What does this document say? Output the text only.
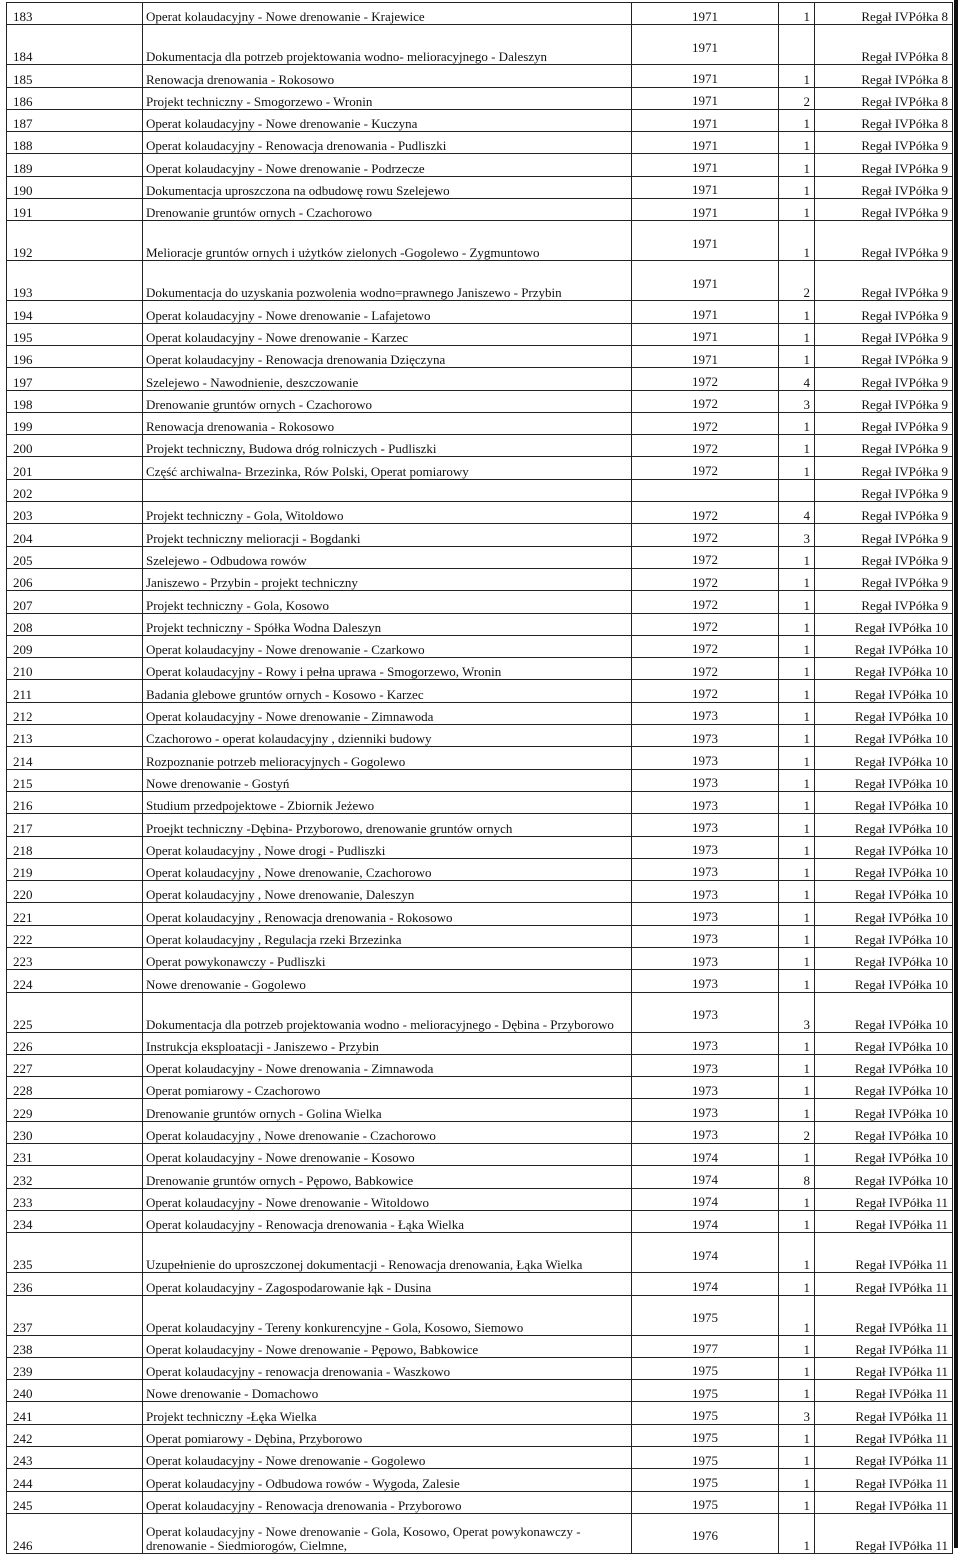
183	Operat kolaudacyjny - Nowe drenowanie - Krajewice	1971	1	Regał IVPółka 8
184	Dokumentacja dla potrzeb projektowania wodno- melioracyjnego - Daleszyn	1971		Regał IVPółka 8
185	Renowacja drenowania - Rokosowo	1971	1	Regał IVPółka 8
186	Projekt techniczny - Smogorzewo - Wronin	1971	2	Regał IVPółka 8
187	Operat kolaudacyjny - Nowe drenowanie - Kuczyna	1971	1	Regał IVPółka 8
188	Operat kolaudacyjny - Renowacja drenowania - Pudliszki	1971	1	Regał IVPółka 9
189	Operat kolaudacyjny - Nowe drenowanie - Podrzecze	1971	1	Regał IVPółka 9
190	Dokumentacja uproszczona na odbudowę rowu Szelejewo	1971	1	Regał IVPółka 9
191	Drenowanie gruntów ornych - Czachorowo	1971	1	Regał IVPółka 9
192	Melioracje gruntów ornych i użytków zielonych -Gogolewo - Zygmuntowo	1971	1	Regał IVPółka 9
193	Dokumentacja do uzyskania pozwolenia wodno=prawnego Janiszewo - Przybin	1971	2	Regał IVPółka 9
194	Operat kolaudacyjny - Nowe drenowanie - Lafajetowo	1971	1	Regał IVPółka 9
195	Operat kolaudacyjny - Nowe drenowanie - Karzec	1971	1	Regał IVPółka 9
196	Operat kolaudacyjny - Renowacja drenowania Dzięczyna	1971	1	Regał IVPółka 9
197	Szelejewo - Nawodnienie, deszczowanie	1972	4	Regał IVPółka 9
198	Drenowanie gruntów ornych - Czachorowo	1972	3	Regał IVPółka 9
199	Renowacja drenowania - Rokosowo	1972	1	Regał IVPółka 9
200	Projekt techniczny, Budowa dróg rolniczych - Pudliszki	1972	1	Regał IVPółka 9
201	Część archiwalna- Brzezinka, Rów Polski, Operat pomiarowy	1972	1	Regał IVPółka 9
202				Regał IVPółka 9
203	Projekt techniczny - Gola, Witoldowo	1972	4	Regał IVPółka 9
204	Projekt techniczny melioracji - Bogdanki	1972	3	Regał IVPółka 9
205	Szelejewo - Odbudowa rowów	1972	1	Regał IVPółka 9
206	Janiszewo - Przybin - projekt techniczny	1972	1	Regał IVPółka 9
207	Projekt techniczny - Gola, Kosowo	1972	1	Regał IVPółka 9
208	Projekt techniczny - Spółka Wodna Daleszyn	1972	1	Regał IVPółka 10
209	Operat kolaudacyjny - Nowe drenowanie - Czarkowo	1972	1	Regał IVPółka 10
210	Operat kolaudacyjny - Rowy i pełna uprawa - Smogorzewo, Wronin	1972	1	Regał IVPółka 10
211	Badania glebowe gruntów ornych - Kosowo - Karzec	1972	1	Regał IVPółka 10
212	Operat kolaudacyjny - Nowe drenowanie - Zimnawoda	1973	1	Regał IVPółka 10
213	Czachorowo - operat kolaudacyjny , dzienniki budowy	1973	1	Regał IVPółka 10
214	Rozpoznanie potrzeb melioracyjnych - Gogolewo	1973	1	Regał IVPółka 10
215	Nowe drenowanie - Gostyń	1973	1	Regał IVPółka 10
216	Studium przedpojektowe - Zbiornik Jeżewo	1973	1	Regał IVPółka 10
217	Proejkt techniczny -Dębina- Przyborowo, drenowanie gruntów ornych	1973	1	Regał IVPółka 10
218	Operat kolaudacyjny , Nowe drogi - Pudliszki	1973	1	Regał IVPółka 10
219	Operat kolaudacyjny , Nowe drenowanie, Czachorowo	1973	1	Regał IVPółka 10
220	Operat kolaudacyjny , Nowe drenowanie, Daleszyn	1973	1	Regał IVPółka 10
221	Operat kolaudacyjny , Renowacja drenowania - Rokosowo	1973	1	Regał IVPółka 10
222	Operat kolaudacyjny , Regulacja rzeki Brzezinka	1973	1	Regał IVPółka 10
223	Operat powykonawczy - Pudliszki	1973	1	Regał IVPółka 10
224	Nowe drenowanie - Gogolewo	1973	1	Regał IVPółka 10
225	Dokumentacja dla potrzeb projektowania wodno - melioracyjnego - Dębina - Przyborowo	1973	3	Regał IVPółka 10
226	Instrukcja eksploatacji - Janiszewo - Przybin	1973	1	Regał IVPółka 10
227	Operat kolaudacyjny - Nowe drenowania - Zimnawoda	1973	1	Regał IVPółka 10
228	Operat pomiarowy - Czachorowo	1973	1	Regał IVPółka 10
229	Drenowanie gruntów ornych - Golina Wielka	1973	1	Regał IVPółka 10
230	Operat kolaudacyjny , Nowe drenowanie - Czachorowo	1973	2	Regał IVPółka 10
231	Operat kolaudacyjny - Nowe drenowanie - Kosowo	1974	1	Regał IVPółka 10
232	Drenowanie gruntów ornych - Pępowo, Babkowice	1974	8	Regał IVPółka 10
233	Operat kolaudacyjny - Nowe drenowanie - Witoldowo	1974	1	Regał IVPółka 11
234	Operat kolaudacyjny - Renowacja drenowania - Łąka Wielka	1974	1	Regał IVPółka 11
235	Uzupełnienie do uproszczonej dokumentacji - Renowacja drenowania, Łąka Wielka	1974	1	Regał IVPółka 11
236	Operat kolaudacyjny - Zagospodarowanie łąk - Dusina	1974	1	Regał IVPółka 11
237	Operat kolaudacyjny - Tereny konkurencyjne - Gola, Kosowo, Siemowo	1975	1	Regał IVPółka 11
238	Operat kolaudacyjny - Nowe drenowanie - Pępowo, Babkowice	1977	1	Regał IVPółka 11
239	Operat kolaudacyjny - renowacja drenowania - Waszkowo	1975	1	Regał IVPółka 11
240	Nowe drenowanie - Domachowo	1975	1	Regał IVPółka 11
241	Projekt techniczny -Łęka Wielka	1975	3	Regał IVPółka 11
242	Operat pomiarowy - Dębina, Przyborowo	1975	1	Regał IVPółka 11
243	Operat kolaudacyjny - Nowe drenowanie - Gogolewo	1975	1	Regał IVPółka 11
244	Operat kolaudacyjny - Odbudowa rowów - Wygoda, Zalesie	1975	1	Regał IVPółka 11
245	Operat kolaudacyjny - Renowacja drenowania - Przyborowo	1975	1	Regał IVPółka 11
246	Operat kolaudacyjny - Nowe drenowanie - Gola, Kosowo, Operat powykonawczy - drenowanie - Siedmiorogów, Cielmne,	1976	1	Regał IVPółka 11
